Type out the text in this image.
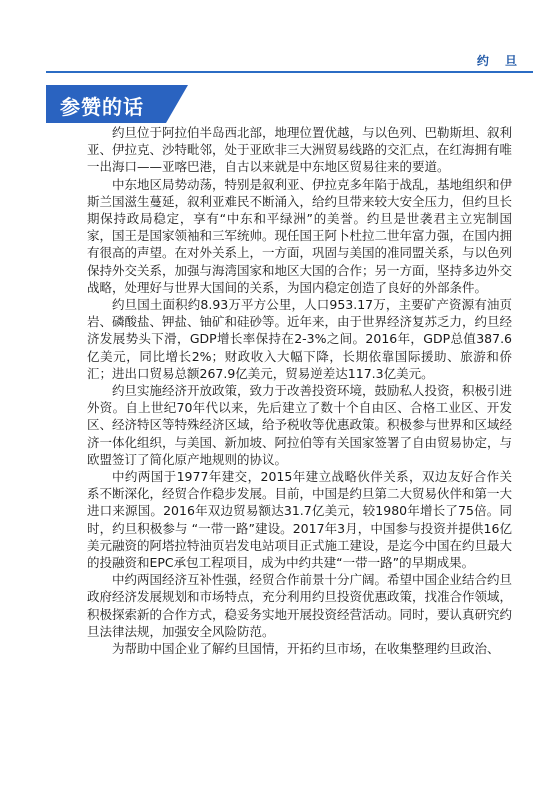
约 旦
参赞的话

约旦位于阿拉伯半岛西北部，地理位置优越，与以色列、巴勒斯坦、叙利亚、伊拉克、沙特毗邻，处于亚欧非三大洲贸易线路的交汇点，在红海拥有唯一出海口——亚喀巴港，自古以来就是中东地区贸易往来的要道。

中东地区局势动荡，特别是叙利亚、伊拉克多年陷于战乱，基地组织和伊斯兰国滋生蔓延，叙利亚难民不断涌入，给约旦带来较大安全压力，但约旦长期保持政局稳定，享有“中东和平绿洲”的美誉。约旦是世袭君主立宪制国家，国王是国家领袖和三军统帅。现任国王阿卜杜拉二世年富力强，在国内拥有很高的声望。在对外关系上，一方面，巩固与美国的准同盟关系，与以色列保持外交关系，加强与海湾国家和地区大国的合作；另一方面，坚持多边外交战略，处理好与世界大国间的关系，为国内稳定创造了良好的外部条件。

约旦国土面积约8.93万平方公里，人口953.17万，主要矿产资源有油页岩、磷酸盐、钾盐、铀矿和硅砂等。近年来，由于世界经济复苏乏力，约旦经济发展势头下滑，GDP增长率保持在2-3%之间。2016年，GDP总值387.6亿美元，同比增长2%；财政收入大幅下降，长期依靠国际援助、旅游和侨汇；进出口贸易总额267.9亿美元，贸易逆差达117.3亿美元。

约旦实施经济开放政策，致力于改善投资环境，鼓励私人投资，积极引进外资。自上世纪70年代以来，先后建立了数十个自由区、合格工业区、开发区、经济特区等特殊经济区域，给予税收等优惠政策。积极参与世界和区域经济一体化组织，与美国、新加坡、阿拉伯等有关国家签署了自由贸易协定，与欧盟签订了简化原产地规则的协议。

中约两国于1977年建交，2015年建立战略伙伴关系，双边友好合作关系不断深化，经贸合作稳步发展。目前，中国是约旦第二大贸易伙伴和第一大进口来源国。2016年双边贸易额达31.7亿美元，较1980年增长了75倍。同时，约旦积极参与 “一带一路”建设。2017年3月，中国参与投资并提供16亿美元融资的阿塔拉特油页岩发电站项目正式施工建设，是迄今中国在约旦最大的投融资和EPC承包工程项目，成为中约共建“一带一路”的早期成果。

中约两国经济互补性强，经贸合作前景十分广阔。希望中国企业结合约旦政府经济发展规划和市场特点，充分利用约旦投资优惠政策，找准合作领域，积极探索新的合作方式，稳妥务实地开展投资经营活动。同时，要认真研究约旦法律法规，加强安全风险防范。

为帮助中国企业了解约旦国情，开拓约旦市场，在收集整理约旦政治、
